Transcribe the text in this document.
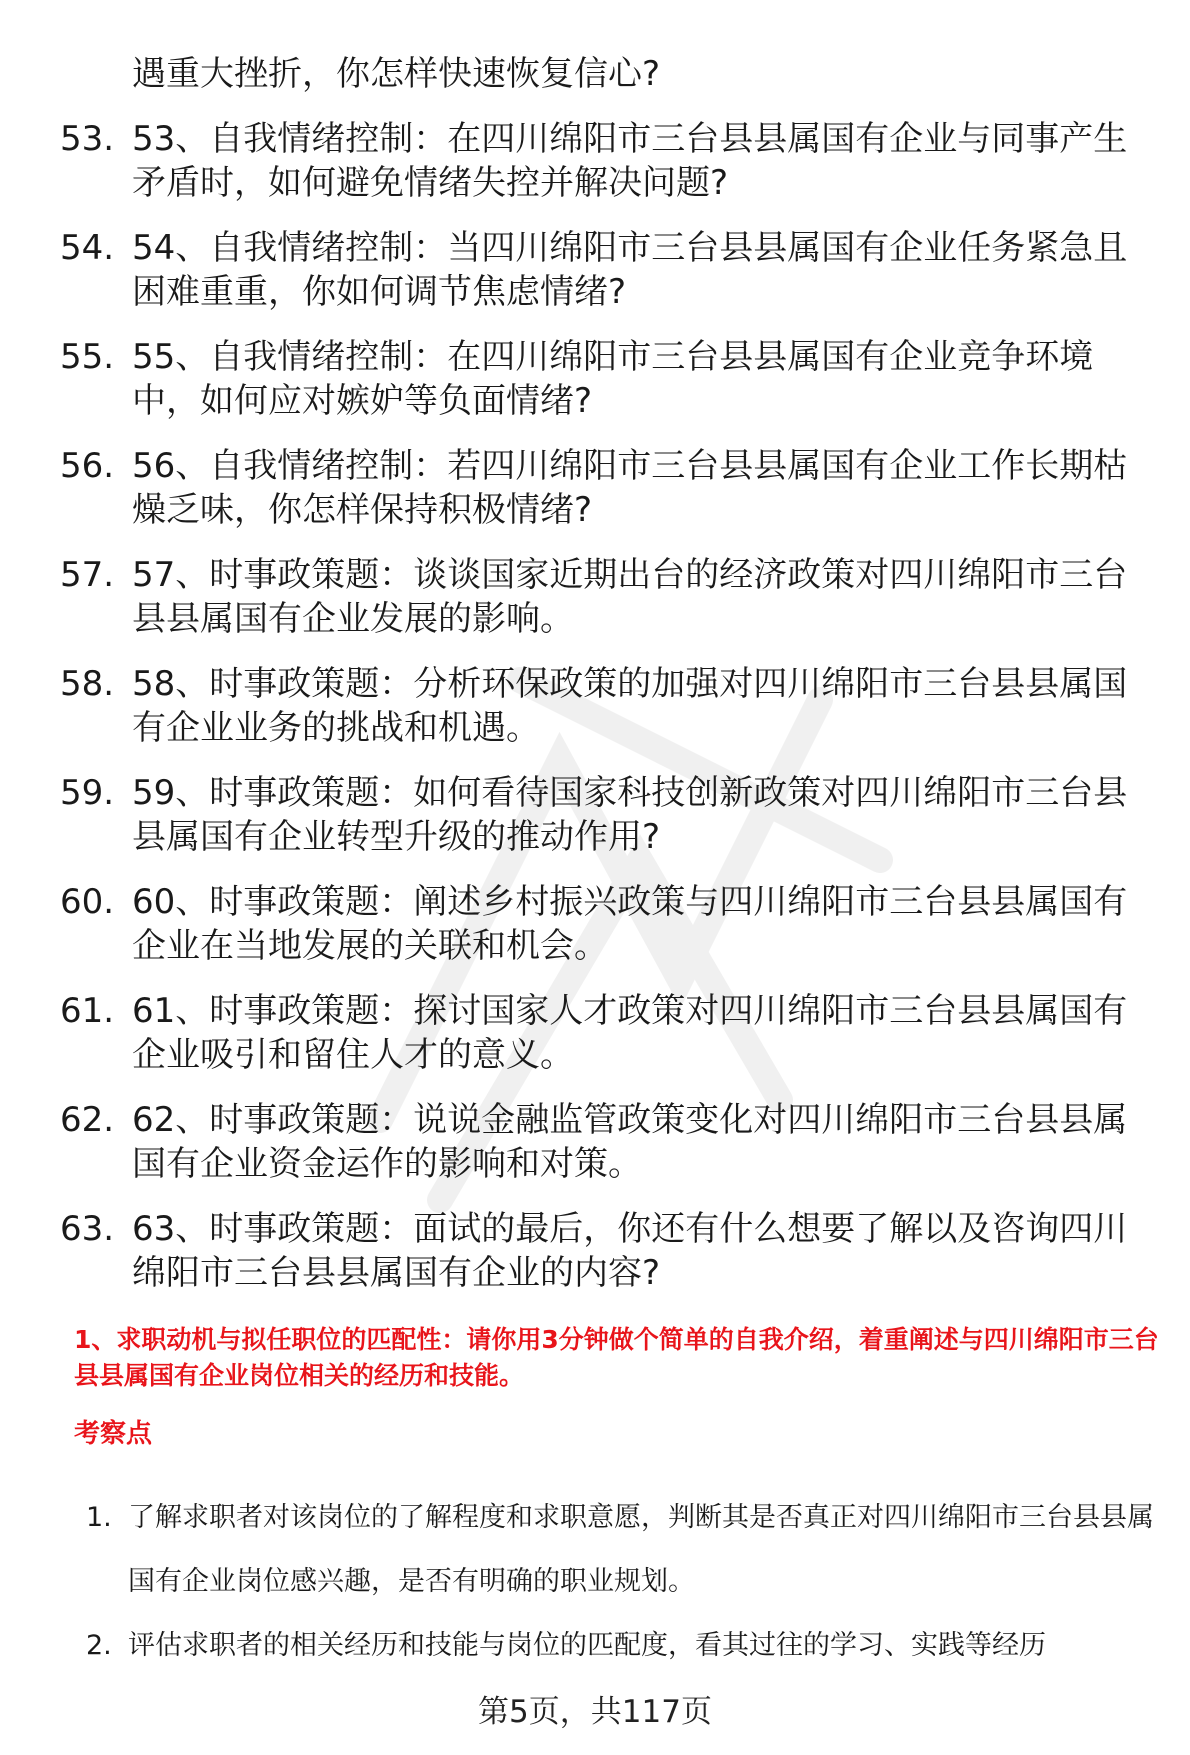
遇重大挫折，你怎样快速恢复信心?
53. 53、自我情绪控制：在四川绵阳市三台县县属国有企业与同事产生矛盾时，如何避免情绪失控并解决问题?
54. 54、自我情绪控制：当四川绵阳市三台县县属国有企业任务紧急且困难重重，你如何调节焦虑情绪?
55. 55、自我情绪控制：在四川绵阳市三台县县属国有企业竞争环境中，如何应对嫉妒等负面情绪?
56. 56、自我情绪控制：若四川绵阳市三台县县属国有企业工作长期枯燥乏味，你怎样保持积极情绪?
57. 57、时事政策题：谈谈国家近期出台的经济政策对四川绵阳市三台县县属国有企业发展的影响。
58. 58、时事政策题：分析环保政策的加强对四川绵阳市三台县县属国有企业业务的挑战和机遇。
59. 59、时事政策题：如何看待国家科技创新政策对四川绵阳市三台县县属国有企业转型升级的推动作用?
60. 60、时事政策题：阐述乡村振兴政策与四川绵阳市三台县县属国有企业在当地发展的关联和机会。
61. 61、时事政策题：探讨国家人才政策对四川绵阳市三台县县属国有企业吸引和留住人才的意义。
62. 62、时事政策题：说说金融监管政策变化对四川绵阳市三台县县属国有企业资金运作的影响和对策。
63. 63、时事政策题：面试的最后，你还有什么想要了解以及咨询四川绵阳市三台县县属国有企业的内容?

1、求职动机与拟任职位的匹配性：请你用3分钟做个简单的自我介绍，着重阐述与四川绵阳市三台县县属国有企业岗位相关的经历和技能。

考察点

1. 了解求职者对该岗位的了解程度和求职意愿，判断其是否真正对四川绵阳市三台县县属国有企业岗位感兴趣，是否有明确的职业规划。
2. 评估求职者的相关经历和技能与岗位的匹配度，看其过往的学习、实践等经历

第5页，共117页
